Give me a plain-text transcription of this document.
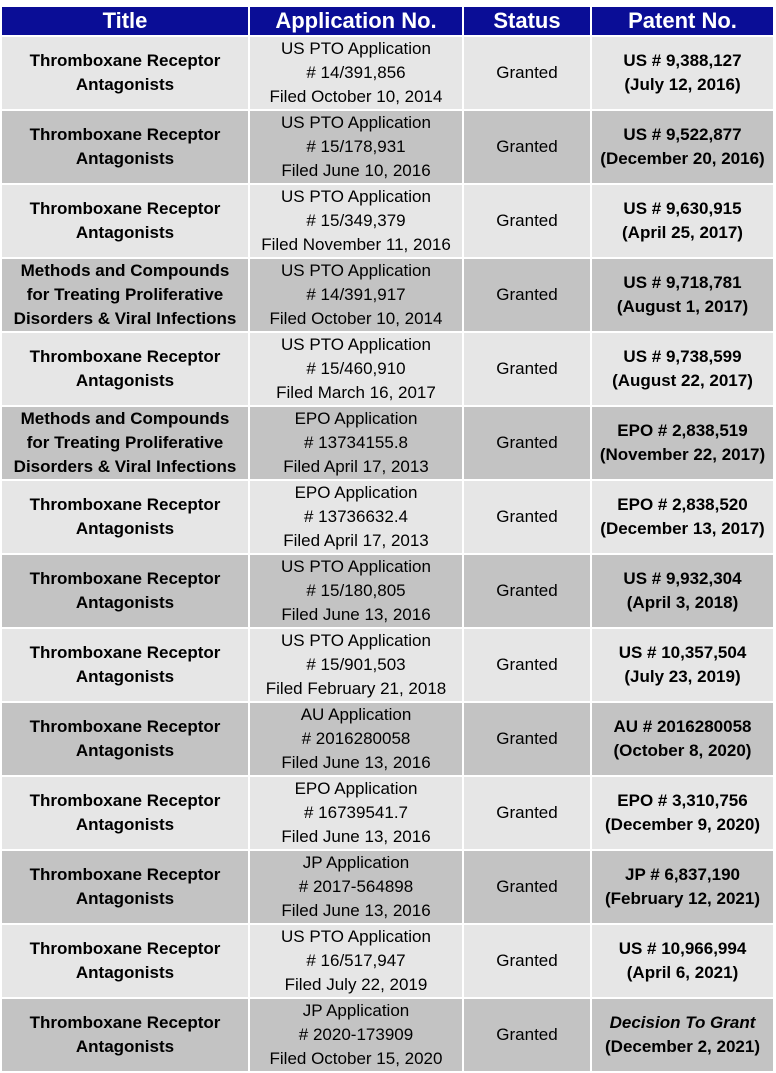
Title	Application No.	Status	Patent No.

Thromboxane Receptor
Antagonists	US PTO Application
# 14/391,856
Filed October 10, 2014	Granted	US # 9,388,127
(July 12, 2016)

Thromboxane Receptor
Antagonists	US PTO Application
# 15/178,931
Filed June 10, 2016	Granted	US # 9,522,877
(December 20, 2016)

Thromboxane Receptor
Antagonists	US PTO Application
# 15/349,379
Filed November 11, 2016	Granted	US # 9,630,915
(April 25, 2017)

Methods and Compounds
for Treating Proliferative
Disorders & Viral Infections	US PTO Application
# 14/391,917
Filed October 10, 2014	Granted	US # 9,718,781
(August 1, 2017)

Thromboxane Receptor
Antagonists	US PTO Application
# 15/460,910
Filed March 16, 2017	Granted	US # 9,738,599
(August 22, 2017)

Methods and Compounds
for Treating Proliferative
Disorders & Viral Infections	EPO Application
# 13734155.8
Filed April 17, 2013	Granted	EPO # 2,838,519
(November 22, 2017)

Thromboxane Receptor
Antagonists	EPO Application
# 13736632.4
Filed April 17, 2013	Granted	EPO # 2,838,520
(December 13, 2017)

Thromboxane Receptor
Antagonists	US PTO Application
# 15/180,805
Filed June 13, 2016	Granted	US # 9,932,304
(April 3, 2018)

Thromboxane Receptor
Antagonists	US PTO Application
# 15/901,503
Filed February 21, 2018	Granted	US # 10,357,504
(July 23, 2019)

Thromboxane Receptor
Antagonists	AU Application
# 2016280058
Filed June 13, 2016	Granted	AU # 2016280058
(October 8, 2020)

Thromboxane Receptor
Antagonists	EPO Application
# 16739541.7
Filed June 13, 2016	Granted	EPO # 3,310,756
(December 9, 2020)

Thromboxane Receptor
Antagonists	JP Application
# 2017-564898
Filed June 13, 2016	Granted	JP # 6,837,190
(February 12, 2021)

Thromboxane Receptor
Antagonists	US PTO Application
# 16/517,947
Filed July 22, 2019	Granted	US # 10,966,994
(April 6, 2021)

Thromboxane Receptor
Antagonists	JP Application
# 2020-173909
Filed October 15, 2020	Granted	Decision To Grant
(December 2, 2021)
